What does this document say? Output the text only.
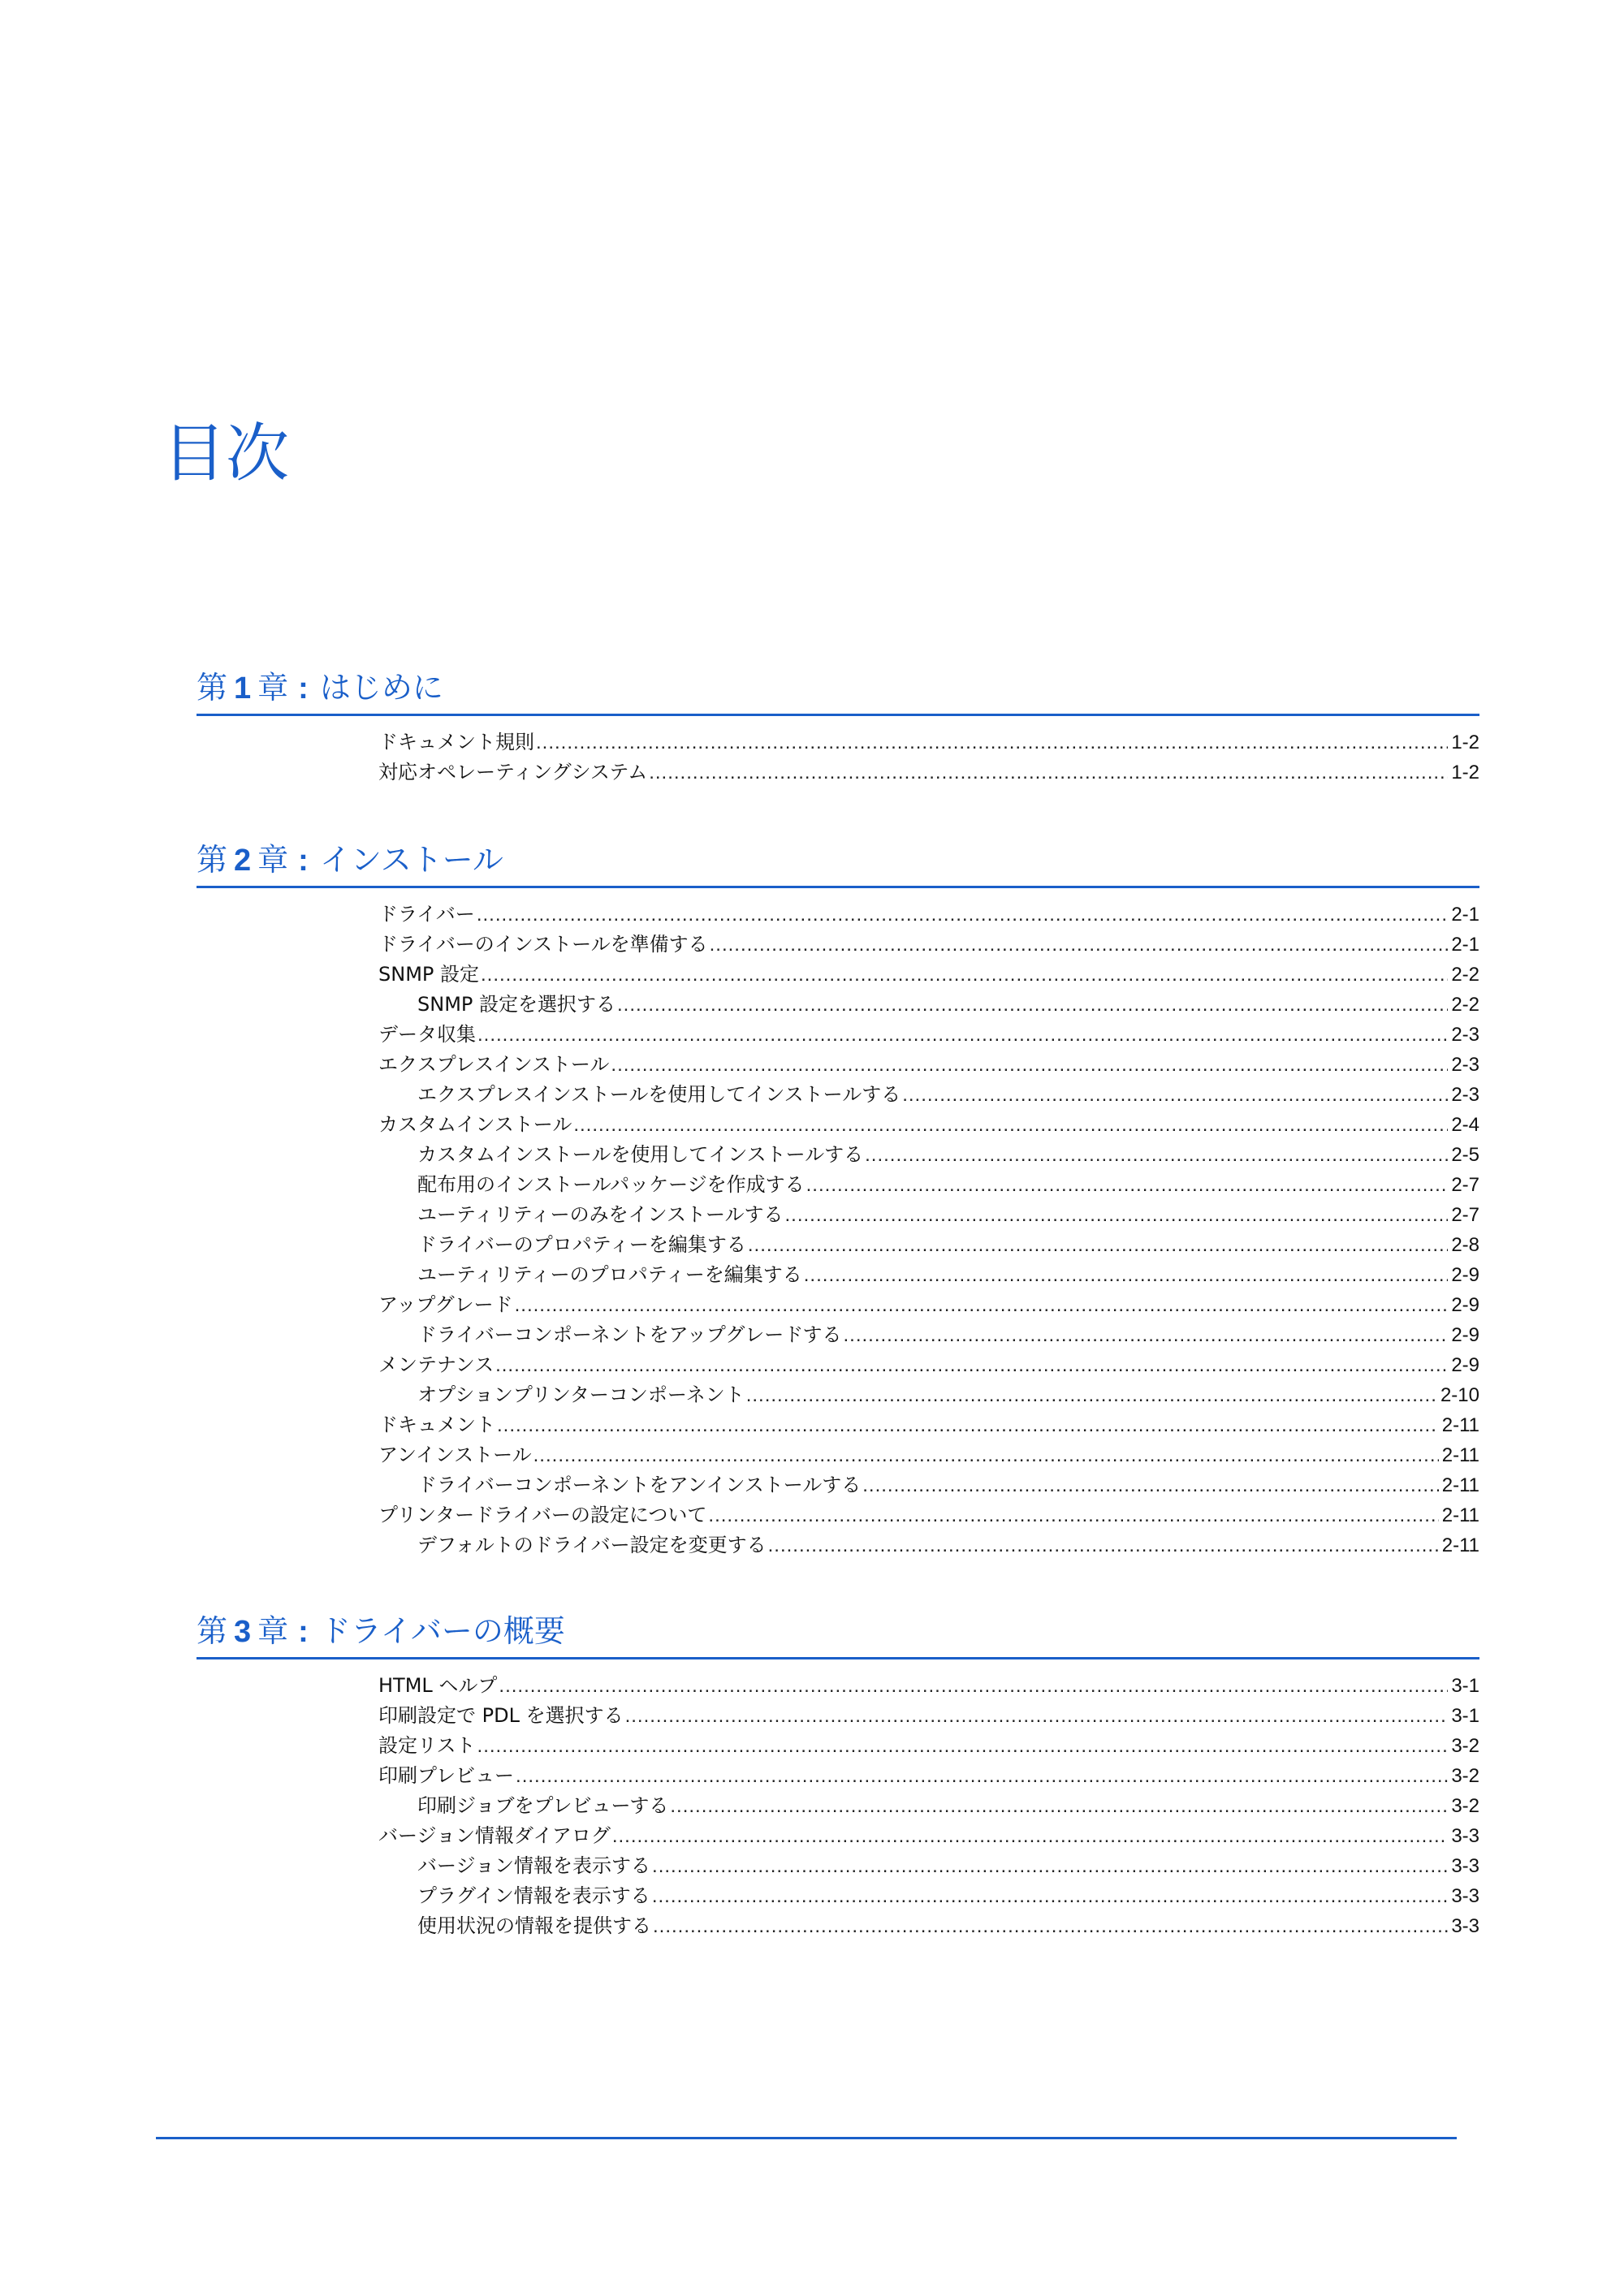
目次
第 1 章 : はじめに
ドキュメント規則 .....	1-2
対応オペレーティングシステム .....	1-2
第 2 章 : インストール
ドライバー .....	2-1
ドライバーのインストールを準備する .....	2-1
SNMP 設定 .....	2-2
SNMP 設定を選択する .....	2-2
データ収集 .....	2-3
エクスプレスインストール .....	2-3
エクスプレスインストールを使用してインストールする .....	2-3
カスタムインストール .....	2-4
カスタムインストールを使用してインストールする .....	2-5
配布用のインストールパッケージを作成する .....	2-7
ユーティリティーのみをインストールする .....	2-7
ドライバーのプロパティーを編集する .....	2-8
ユーティリティーのプロパティーを編集する .....	2-9
アップグレード .....	2-9
ドライバーコンポーネントをアップグレードする .....	2-9
メンテナンス .....	2-9
オプションプリンターコンポーネント .....	2-10
ドキュメント .....	2-11
アンインストール .....	2-11
ドライバーコンポーネントをアンインストールする .....	2-11
プリンタードライバーの設定について .....	2-11
デフォルトのドライバー設定を変更する .....	2-11
第 3 章 : ドライバーの概要
HTML ヘルプ .....	3-1
印刷設定で PDL を選択する .....	3-1
設定リスト .....	3-2
印刷プレビュー .....	3-2
印刷ジョブをプレビューする .....	3-2
バージョン情報ダイアログ .....	3-3
バージョン情報を表示する .....	3-3
プラグイン情報を表示する .....	3-3
使用状況の情報を提供する .....	3-3
